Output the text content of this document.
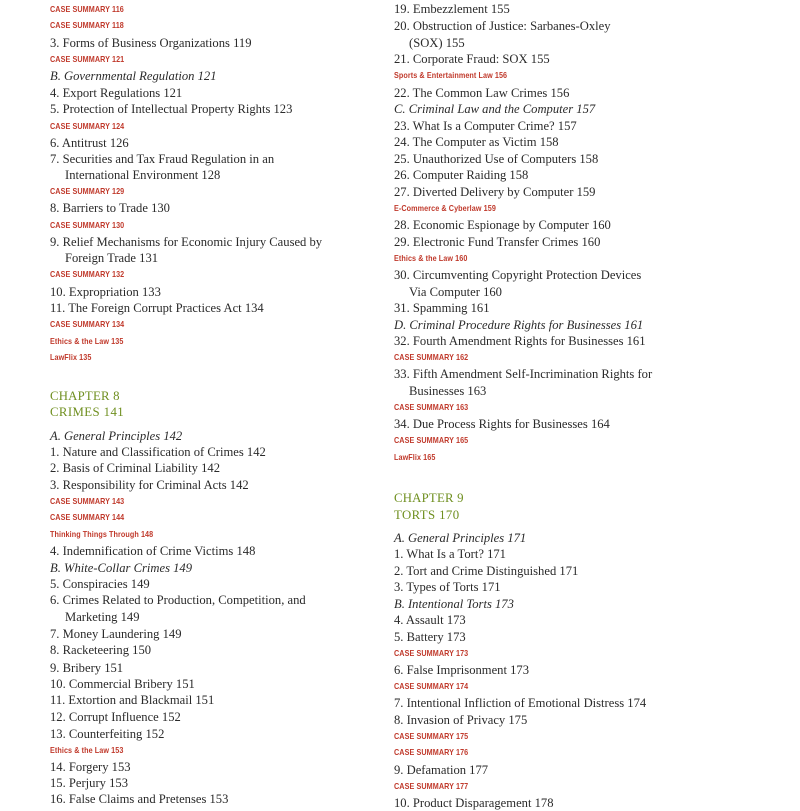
CASE SUMMARY 116
CASE SUMMARY 118
3. Forms of Business Organizations 119
CASE SUMMARY 121
B. Governmental Regulation 121
4. Export Regulations 121
5. Protection of Intellectual Property Rights 123
CASE SUMMARY 124
6. Antitrust 126
7. Securities and Tax Fraud Regulation in an
International Environment 128
CASE SUMMARY 129
8. Barriers to Trade 130
CASE SUMMARY 130
9. Relief Mechanisms for Economic Injury Caused by
Foreign Trade 131
CASE SUMMARY 132
10. Expropriation 133
11. The Foreign Corrupt Practices Act 134
CASE SUMMARY 134
Ethics & the Law 135
LawFlix 135
CHAPTER 8
CRIMES 141
A. General Principles 142
1. Nature and Classification of Crimes 142
2. Basis of Criminal Liability 142
3. Responsibility for Criminal Acts 142
CASE SUMMARY 143
CASE SUMMARY 144
Thinking Things Through 148
4. Indemnification of Crime Victims 148
B. White-Collar Crimes 149
5. Conspiracies 149
6. Crimes Related to Production, Competition, and
Marketing 149
7. Money Laundering 149
8. Racketeering 150
9. Bribery 151
10. Commercial Bribery 151
11. Extortion and Blackmail 151
12. Corrupt Influence 152
13. Counterfeiting 152
Ethics & the Law 153
14. Forgery 153
15. Perjury 153
16. False Claims and Pretenses 153
19. Embezzlement 155
20. Obstruction of Justice: Sarbanes-Oxley
(SOX) 155
21. Corporate Fraud: SOX 155
Sports & Entertainment Law 156
22. The Common Law Crimes 156
C. Criminal Law and the Computer 157
23. What Is a Computer Crime? 157
24. The Computer as Victim 158
25. Unauthorized Use of Computers 158
26. Computer Raiding 158
27. Diverted Delivery by Computer 159
E-Commerce & Cyberlaw 159
28. Economic Espionage by Computer 160
29. Electronic Fund Transfer Crimes 160
Ethics & the Law 160
30. Circumventing Copyright Protection Devices
Via Computer 160
31. Spamming 161
D. Criminal Procedure Rights for Businesses 161
32. Fourth Amendment Rights for Businesses 161
CASE SUMMARY 162
33. Fifth Amendment Self-Incrimination Rights for
Businesses 163
CASE SUMMARY 163
34. Due Process Rights for Businesses 164
CASE SUMMARY 165
LawFlix 165
CHAPTER 9
TORTS 170
A. General Principles 171
1. What Is a Tort? 171
2. Tort and Crime Distinguished 171
3. Types of Torts 171
B. Intentional Torts 173
4. Assault 173
5. Battery 173
CASE SUMMARY 173
6. False Imprisonment 173
CASE SUMMARY 174
7. Intentional Infliction of Emotional Distress 174
8. Invasion of Privacy 175
CASE SUMMARY 175
CASE SUMMARY 176
9. Defamation 177
CASE SUMMARY 177
10. Product Disparagement 178
